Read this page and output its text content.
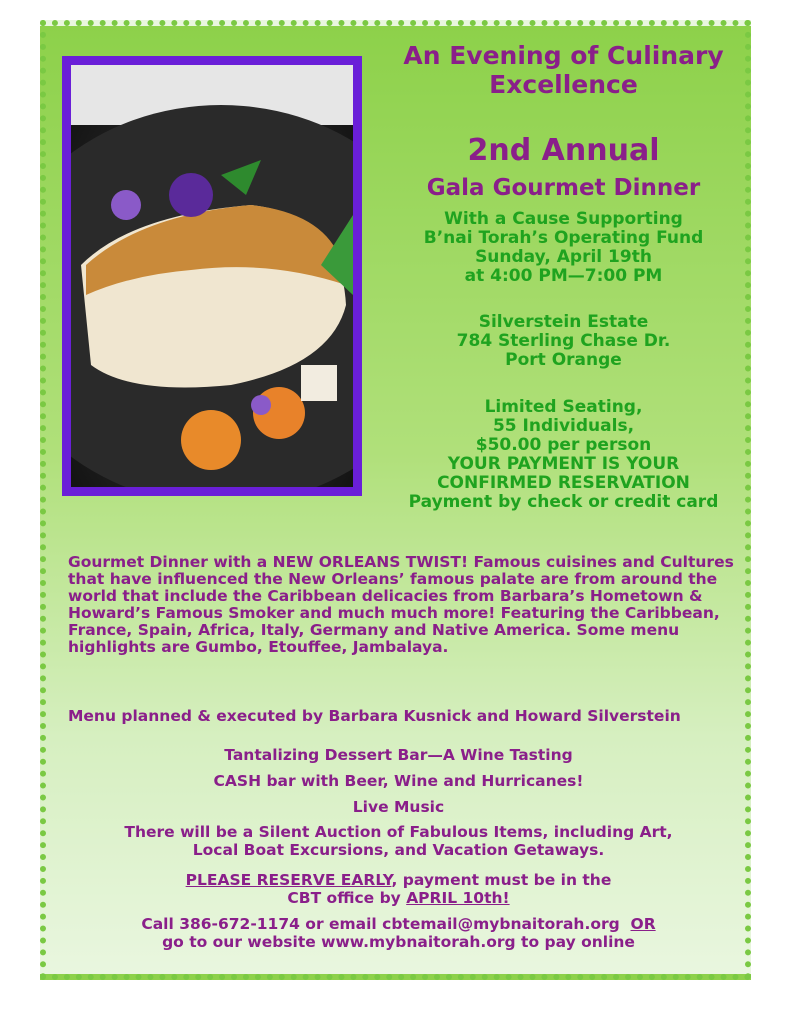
An Evening of Culinary
Excellence

2nd Annual

Gala Gourmet Dinner

With a Cause Supporting
B’nai Torah’s Operating Fund
Sunday, April 19th
at 4:00 PM—7:00 PM

Silverstein Estate
784 Sterling Chase Dr.
Port Orange

Limited Seating,
55 Individuals,
$50.00 per person
YOUR PAYMENT IS YOUR
CONFIRMED RESERVATION
Payment by check or credit card

Gourmet Dinner with a NEW ORLEANS TWIST! Famous cuisines and Cultures that have influenced the New Orleans’ famous palate are from around the world that include the Caribbean delicacies from Barbara’s Hometown & Howard’s Famous Smoker and much much more! Featuring the Caribbean, France, Spain, Africa, Italy, Germany and Native America. Some menu highlights are Gumbo, Etouffee, Jambalaya.

Menu planned & executed by Barbara Kusnick and Howard Silverstein

Tantalizing Dessert Bar—A Wine Tasting

CASH bar with Beer, Wine and Hurricanes!

Live Music

There will be a Silent Auction of Fabulous Items, including Art,
Local Boat Excursions, and Vacation Getaways.

PLEASE RESERVE EARLY, payment must be in the
CBT office by APRIL 10th!

Call 386-672-1174 or email cbtemail@mybnaitorah.org OR
go to our website www.mybnaitorah.org to pay online
